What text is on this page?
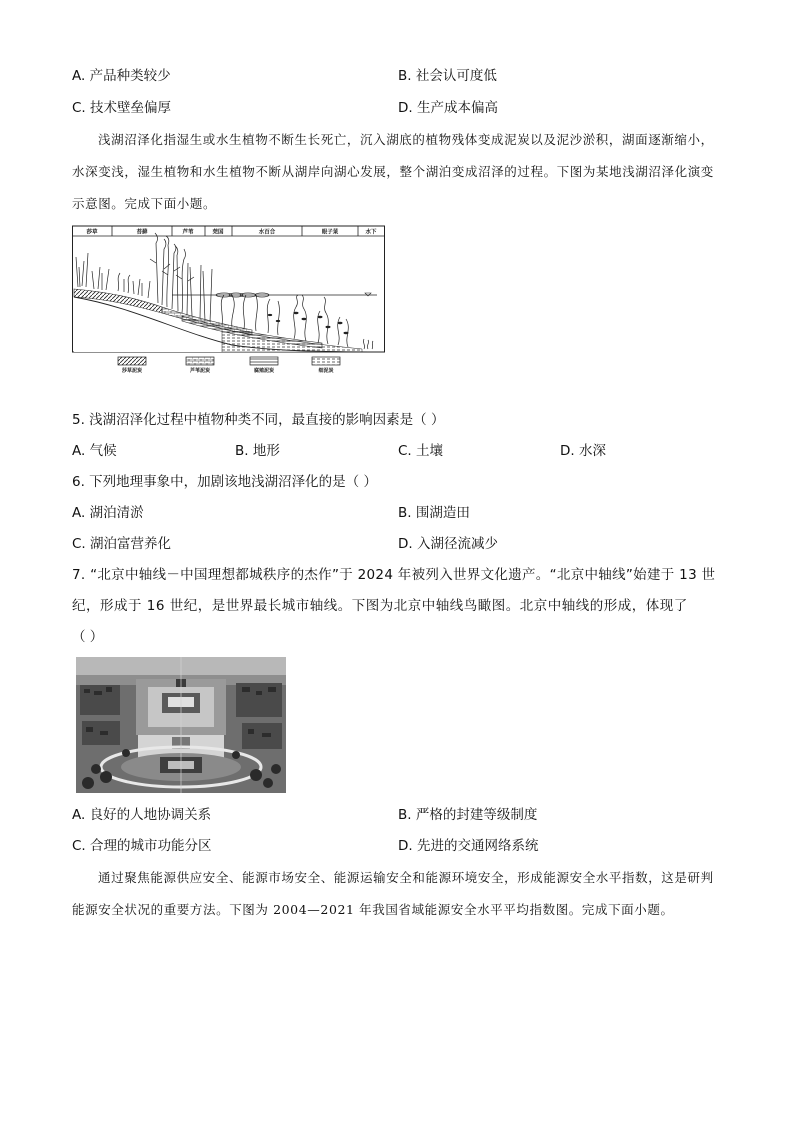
A. 产品种类较少	B. 社会认可度低
C. 技术壁垒偏厚	D. 生产成本偏高
浅湖沼泽化指湿生或水生植物不断生长死亡，沉入湖底的植物残体变成泥炭以及泥沙淤积，湖面逐渐缩小，水深变浅，湿生植物和水生植物不断从湖岸向湖心发展，整个湖泊变成沼泽的过程。下图为某地浅湖沼泽化演变示意图。完成下面小题。
莎草	苔藓	芦苇	莞国	水百合	眼子菜	水下
莎草泥炭	芦苇泥炭	腐殖泥炭	细泥炭
5. 浅湖沼泽化过程中植物种类不同，最直接的影响因素是（ ）
A. 气候	B. 地形	C. 土壤	D. 水深
6. 下列地理事象中，加剧该地浅湖沼泽化的是（ ）
A. 湖泊清淤	B. 围湖造田
C. 湖泊富营养化	D. 入湖径流减少
7. “北京中轴线－中国理想都城秩序的杰作”于 2024 年被列入世界文化遗产。“北京中轴线”始建于 13 世
纪，形成于 16 世纪，是世界最长城市轴线。下图为北京中轴线鸟瞰图。北京中轴线的形成，体现了
（ ）
A. 良好的人地协调关系	B. 严格的封建等级制度
C. 合理的城市功能分区	D. 先进的交通网络系统
通过聚焦能源供应安全、能源市场安全、能源运输安全和能源环境安全，形成能源安全水平指数，这是研判能源安全状况的重要方法。下图为 2004—2021 年我国省域能源安全水平平均指数图。完成下面小题。
